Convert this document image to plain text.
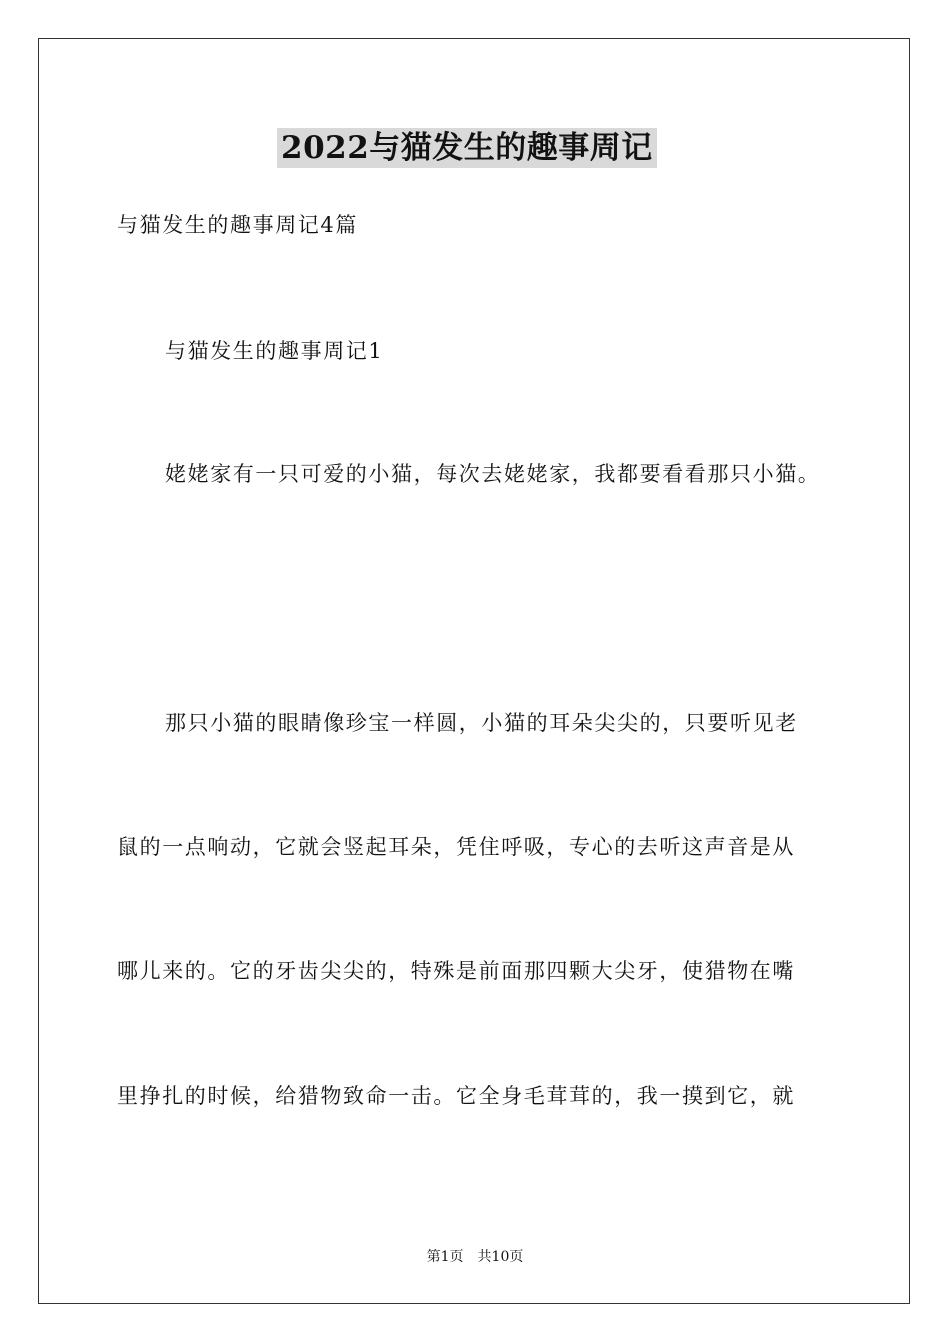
2022与猫发生的趣事周记
与猫发生的趣事周记4篇
与猫发生的趣事周记1
姥姥家有一只可爱的小猫，每次去姥姥家，我都要看看那只小猫。
那只小猫的眼睛像珍宝一样圆，小猫的耳朵尖尖的，只要听见老
鼠的一点响动，它就会竖起耳朵，凭住呼吸，专心的去听这声音是从
哪儿来的。它的牙齿尖尖的，特殊是前面那四颗大尖牙，使猎物在嘴
里挣扎的时候，给猎物致命一击。它全身毛茸茸的，我一摸到它，就
第1页　共10页
